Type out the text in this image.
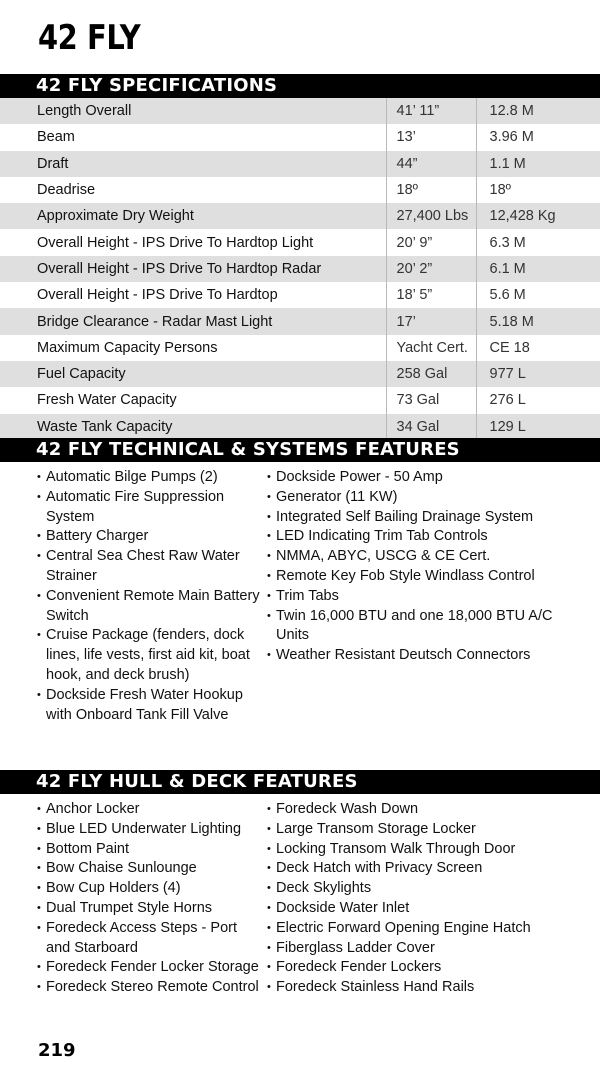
42 FLY
42 FLY SPECIFICATIONS
Length Overall	41’ 11”	12.8 M
Beam	13’	3.96 M
Draft	44”	1.1 M
Deadrise	18º	18º
Approximate Dry Weight	27,400 Lbs	12,428 Kg
Overall Height - IPS Drive To Hardtop Light	20’ 9”	6.3 M
Overall Height - IPS Drive To Hardtop Radar	20’ 2”	6.1 M
Overall Height - IPS Drive To Hardtop	18’ 5”	5.6 M
Bridge Clearance - Radar Mast Light	17’	5.18 M
Maximum Capacity Persons	Yacht Cert.	CE 18
Fuel Capacity	258 Gal	977 L
Fresh Water Capacity	73 Gal	276 L
Waste Tank Capacity	34 Gal	129 L
42 FLY TECHNICAL & SYSTEMS FEATURES
• Automatic Bilge Pumps (2)
• Automatic Fire Suppression System
• Battery Charger
• Central Sea Chest Raw Water Strainer
• Convenient Remote Main Battery Switch
• Cruise Package (fenders, dock lines, life vests, first aid kit, boat hook, and deck brush)
• Dockside Fresh Water Hookup with Onboard Tank Fill Valve
• Dockside Power - 50 Amp
• Generator (11 KW)
• Integrated Self Bailing Drainage System
• LED Indicating Trim Tab Controls
• NMMA, ABYC, USCG & CE Cert.
• Remote Key Fob Style Windlass Control
• Trim Tabs
• Twin 16,000 BTU and one 18,000 BTU A/C Units
• Weather Resistant Deutsch Connectors
42 FLY HULL & DECK FEATURES
• Anchor Locker
• Blue LED Underwater Lighting
• Bottom Paint
• Bow Chaise Sunlounge
• Bow Cup Holders (4)
• Dual Trumpet Style Horns
• Foredeck Access Steps - Port and Starboard
• Foredeck Fender Locker Storage
• Foredeck Stereo Remote Control
• Foredeck Wash Down
• Large Transom Storage Locker
• Locking Transom Walk Through Door
• Deck Hatch with Privacy Screen
• Deck Skylights
• Dockside Water Inlet
• Electric Forward Opening Engine Hatch
• Fiberglass Ladder Cover
• Foredeck Fender Lockers
• Foredeck Stainless Hand Rails
219
